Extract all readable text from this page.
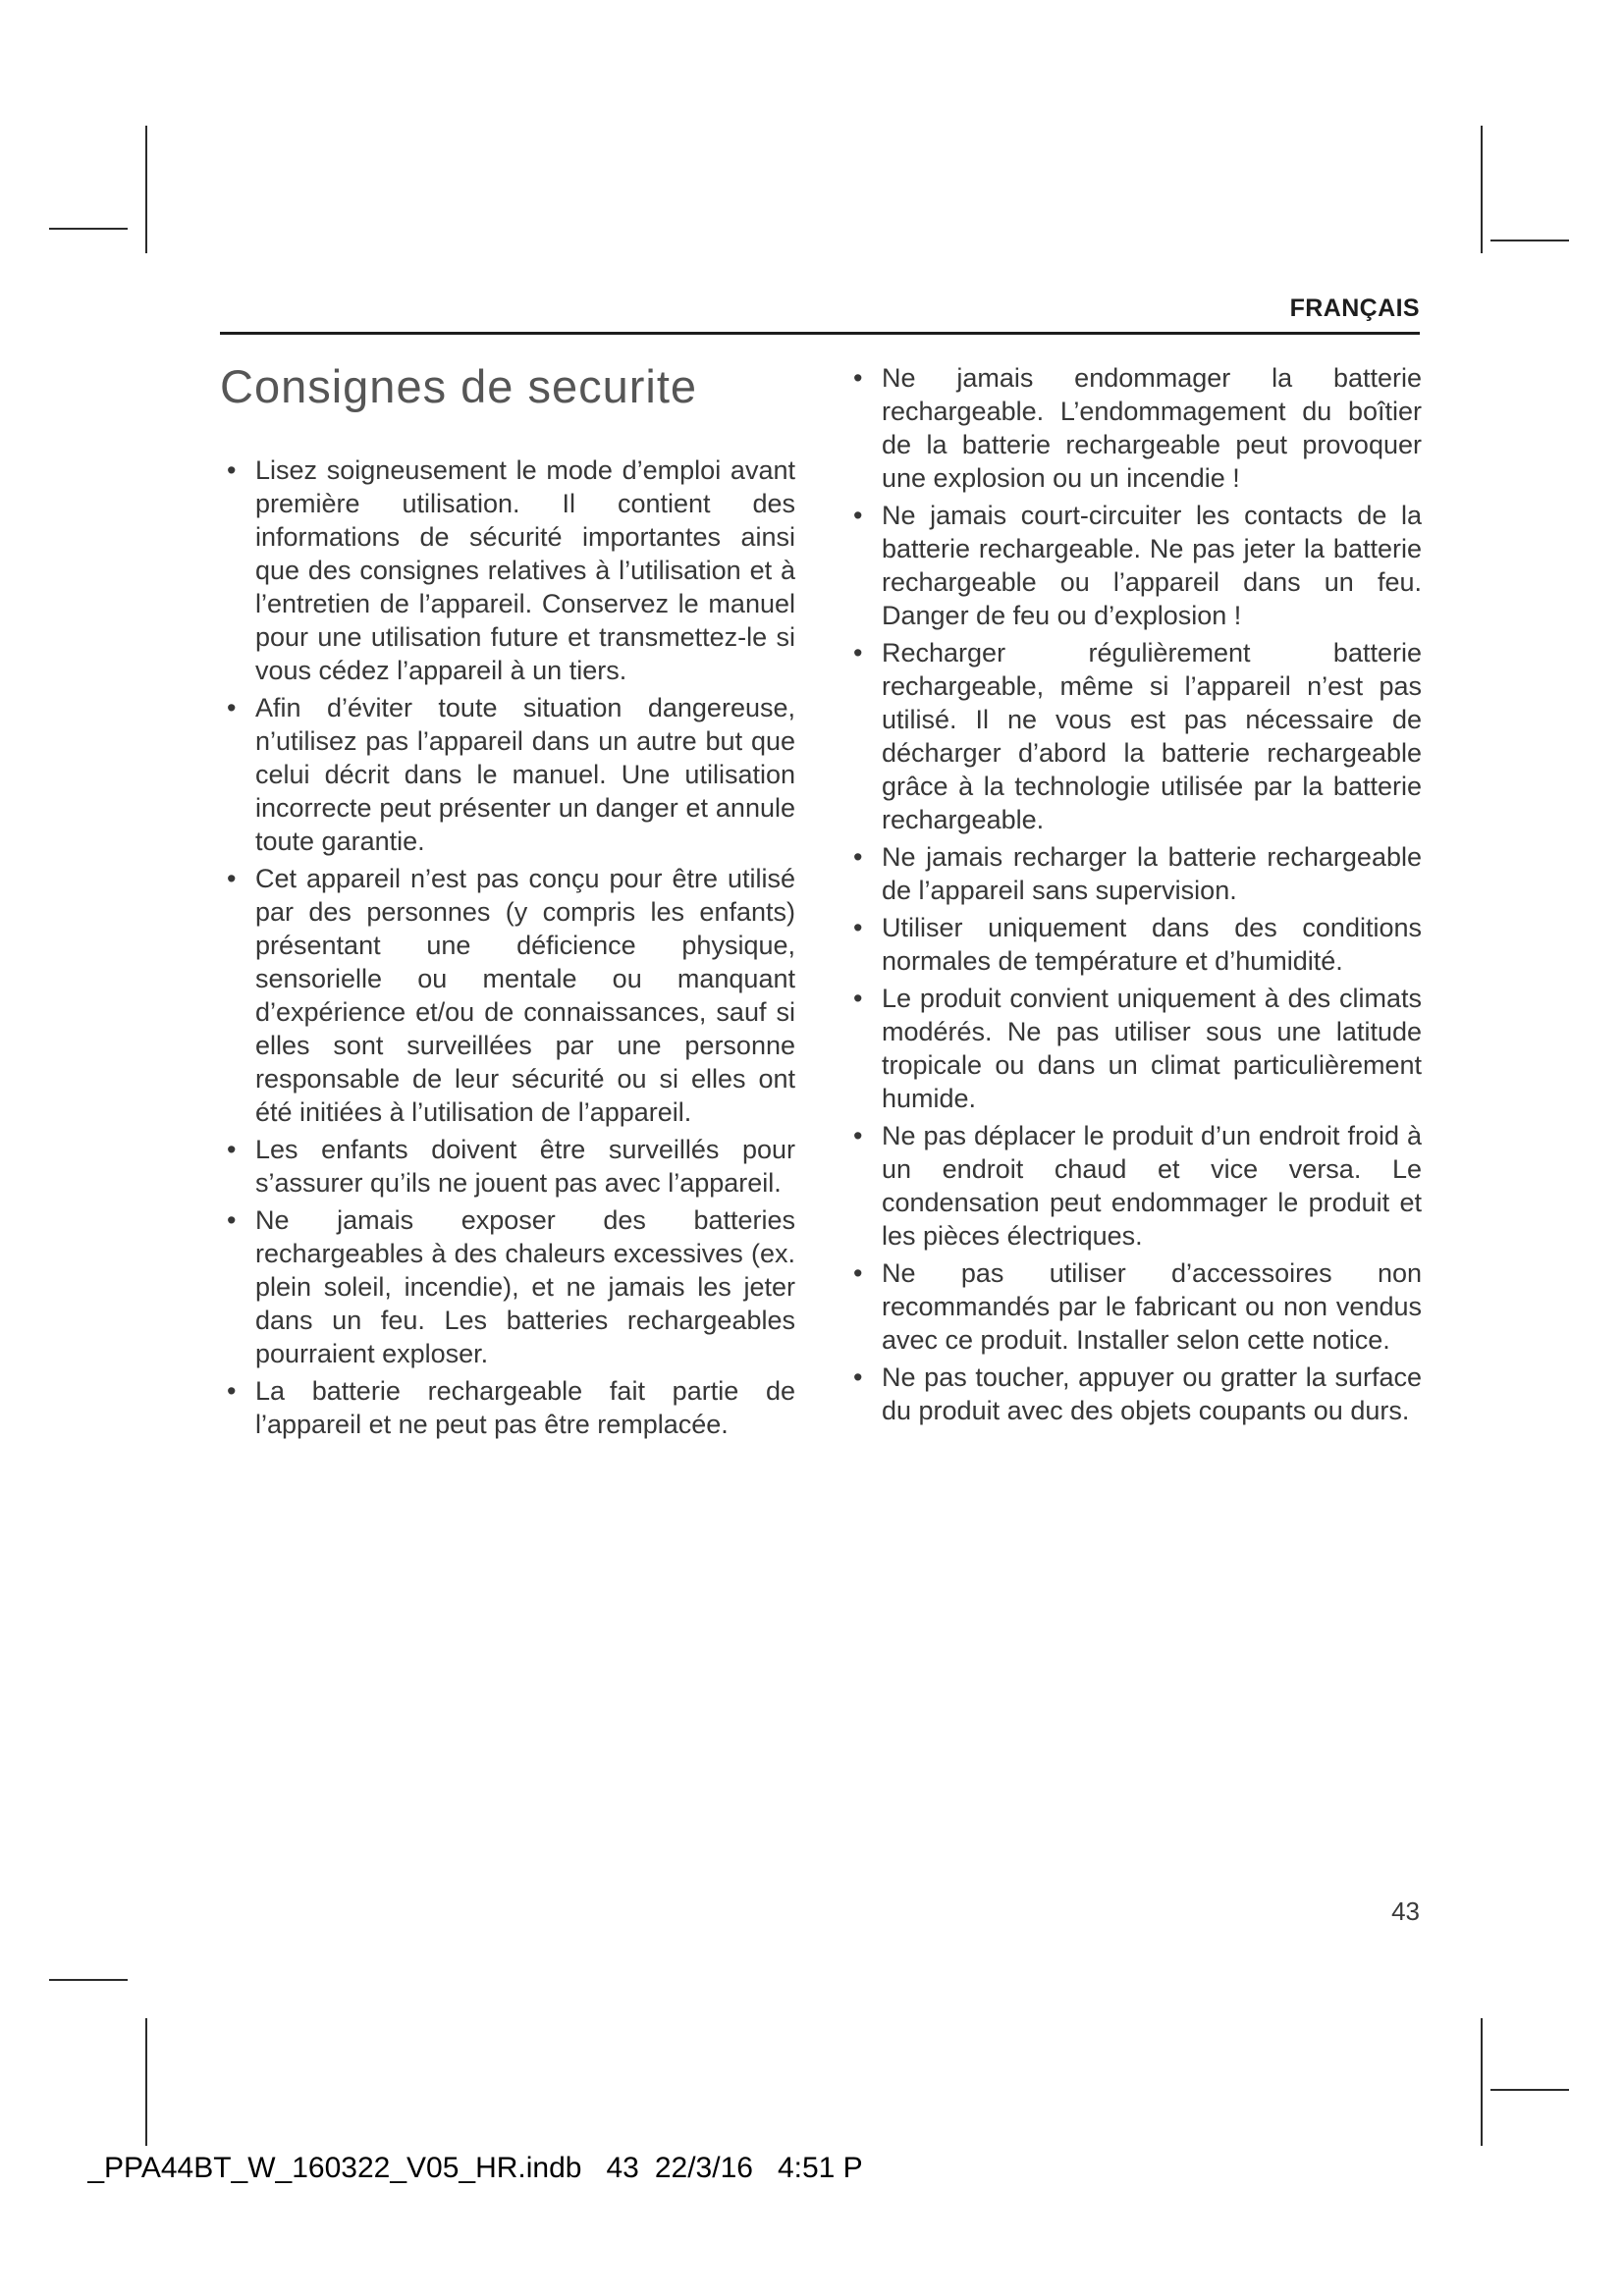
FRANÇAIS
Consignes de securite
• Lisez soigneusement le mode d’emploi avant première utilisation. Il contient des informations de sécurité importantes ainsi que des consignes relatives à l’utilisation et à l’entretien de l’appareil. Conservez le manuel pour une utilisation future et transmettez-le si vous cédez l’appareil à un tiers.
• Afin d’éviter toute situation dangereuse, n’utilisez pas l’appareil dans un autre but que celui décrit dans le manuel. Une utilisation incorrecte peut présenter un danger et annule toute garantie.
• Cet appareil n’est pas conçu pour être utilisé par des personnes (y compris les enfants) présentant une déficience physique, sensorielle ou mentale ou manquant d’expérience et/ou de connaissances, sauf si elles sont surveillées par une personne responsable de leur sécurité ou si elles ont été initiées à l’utilisation de l’appareil.
• Les enfants doivent être surveillés pour s’assurer qu’ils ne jouent pas avec l’appareil.
• Ne jamais exposer des batteries rechargeables à des chaleurs excessives (ex. plein soleil, incendie), et ne jamais les jeter dans un feu. Les batteries rechargeables pourraient exploser.
• La batterie rechargeable fait partie de l’appareil et ne peut pas être remplacée.
• Ne jamais endommager la batterie rechargeable. L’endommagement du boîtier de la batterie rechargeable peut provoquer une explosion ou un incendie !
• Ne jamais court-circuiter les contacts de la batterie rechargeable. Ne pas jeter la batterie rechargeable ou l’appareil dans un feu. Danger de feu ou d’explosion !
• Recharger régulièrement batterie rechargeable, même si l’appareil n’est pas utilisé. Il ne vous est pas nécessaire de décharger d’abord la batterie rechargeable grâce à la technologie utilisée par la batterie rechargeable.
• Ne jamais recharger la batterie rechargeable de l’appareil sans supervision.
• Utiliser uniquement dans des conditions normales de température et d’humidité.
• Le produit convient uniquement à des climats modérés. Ne pas utiliser sous une latitude tropicale ou dans un climat particulièrement humide.
• Ne pas déplacer le produit d’un endroit froid à un endroit chaud et vice versa. Le condensation peut endommager le produit et les pièces électriques.
• Ne pas utiliser d’accessoires non recommandés par le fabricant ou non vendus avec ce produit. Installer selon cette notice.
• Ne pas toucher, appuyer ou gratter la surface du produit avec des objets coupants ou durs.
43

_PPA44BT_W_160322_V05_HR.indb   43 22/3/16   4:51 P
